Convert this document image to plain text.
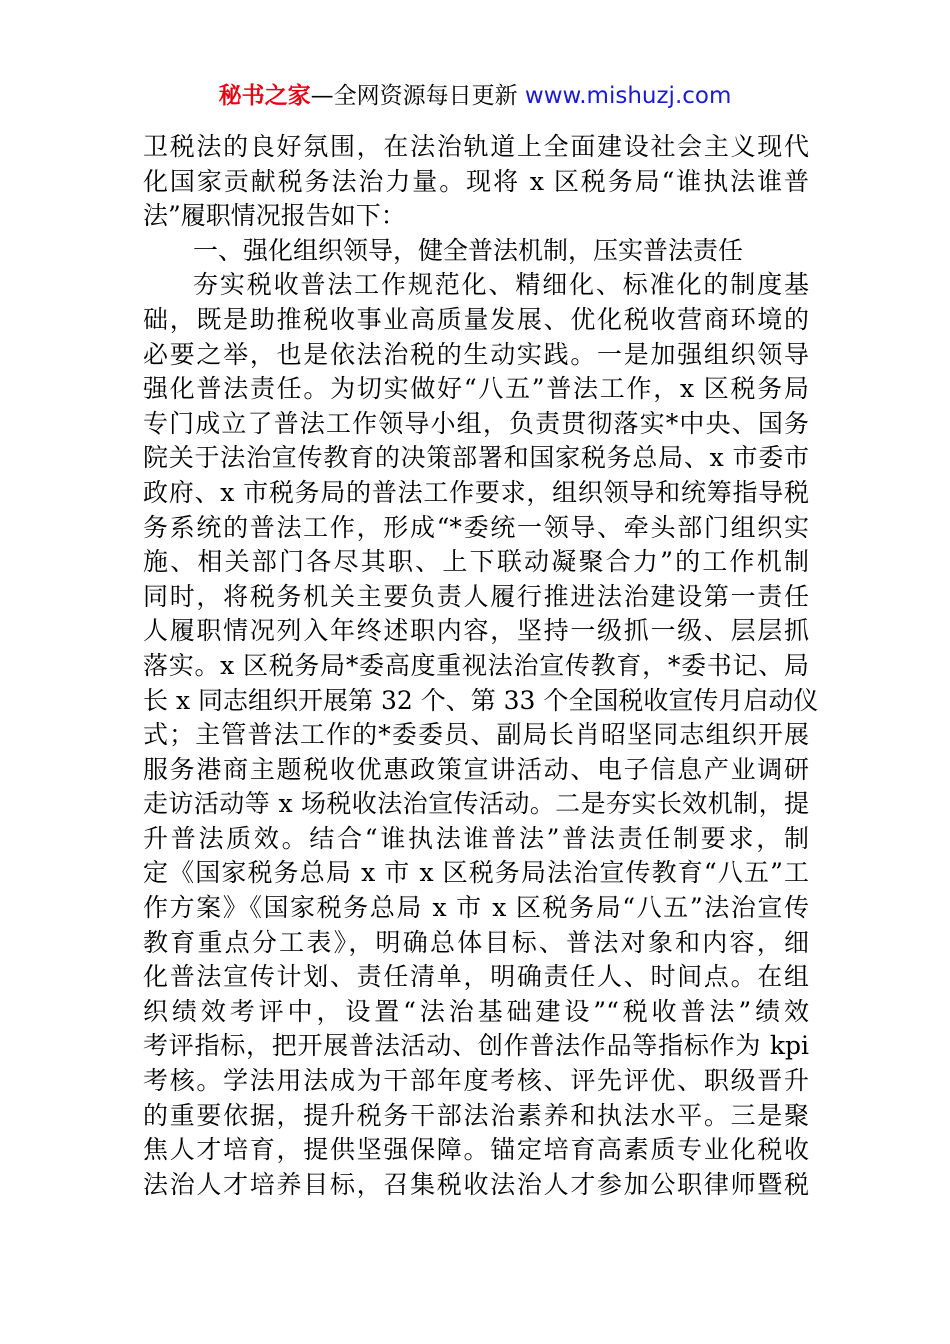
秘书之家—全网资源每日更新 www.mishuzj.com
卫税法的良好氛围，在法治轨道上全面建设社会主义现代
化国家贡献税务法治力量。现将 x 区税务局“谁执法谁普
法”履职情况报告如下：
一、强化组织领导，健全普法机制，压实普法责任
夯实税收普法工作规范化、精细化、标准化的制度基
础，既是助推税收事业高质量发展、优化税收营商环境的
必要之举，也是依法治税的生动实践。一是加强组织领导
强化普法责任。为切实做好“八五”普法工作，x 区税务局
专门成立了普法工作领导小组，负责贯彻落实*中央、国务
院关于法治宣传教育的决策部署和国家税务总局、x 市委市
政府、x 市税务局的普法工作要求，组织领导和统筹指导税
务系统的普法工作，形成“*委统一领导、牵头部门组织实
施、相关部门各尽其职、上下联动凝聚合力”的工作机制
同时，将税务机关主要负责人履行推进法治建设第一责任
人履职情况列入年终述职内容，坚持一级抓一级、层层抓
落实。x 区税务局*委高度重视法治宣传教育，*委书记、局
长 x 同志组织开展第 32 个、第 33 个全国税收宣传月启动仪
式；主管普法工作的*委委员、副局长肖昭坚同志组织开展
服务港商主题税收优惠政策宣讲活动、电子信息产业调研
走访活动等 x 场税收法治宣传活动。二是夯实长效机制，提
升普法质效。结合“谁执法谁普法”普法责任制要求，制
定《国家税务总局 x 市 x 区税务局法治宣传教育“八五”工
作方案》《国家税务总局 x 市 x 区税务局“八五”法治宣传
教育重点分工表》，明确总体目标、普法对象和内容，细
化普法宣传计划、责任清单，明确责任人、时间点。在组
织绩效考评中，设置“法治基础建设”“税收普法”绩效
考评指标，把开展普法活动、创作普法作品等指标作为 kpi
考核。学法用法成为干部年度考核、评先评优、职级晋升
的重要依据，提升税务干部法治素养和执法水平。三是聚
焦人才培育，提供坚强保障。锚定培育高素质专业化税收
法治人才培养目标，召集税收法治人才参加公职律师暨税
